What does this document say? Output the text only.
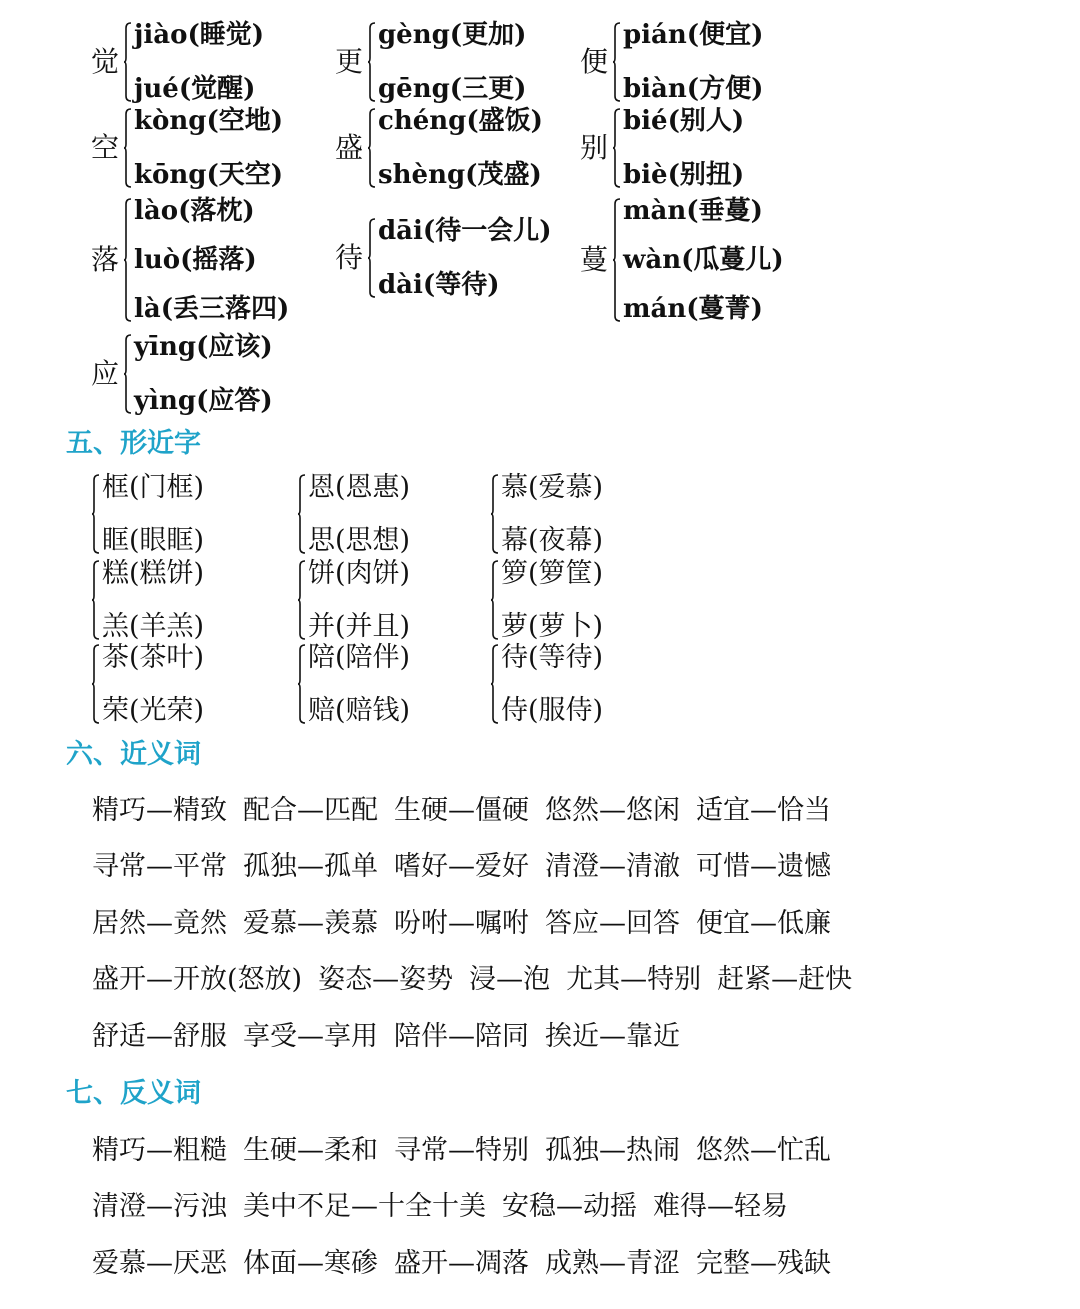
觉
jiào(睡觉)
jué(觉醒)
更
gèng(更加)
gēng(三更)
便
pián(便宜)
biàn(方便)
空
kòng(空地)
kōng(天空)
盛
chéng(盛饭)
shèng(茂盛)
别
bié(别人)
biè(别扭)
落
lào(落枕)
luò(摇落)
là(丢三落四)
待
dāi(待一会儿)
dài(等待)
蔓
màn(垂蔓)
wàn(瓜蔓儿)
mán(蔓菁)
应
yīng(应该)
yìng(应答)
五、形近字
框(门框)
眶(眼眶)
恩(恩惠)
思(思想)
慕(爱慕)
幕(夜幕)
糕(糕饼)
羔(羊羔)
饼(肉饼)
并(并且)
箩(箩筐)
萝(萝卜)
茶(茶叶)
荣(光荣)
陪(陪伴)
赔(赔钱)
待(等待)
侍(服侍)
六、近义词
精巧—精致 配合—匹配 生硬—僵硬 悠然—悠闲 适宜—恰当
寻常—平常 孤独—孤单 嗜好—爱好 清澄—清澈 可惜—遗憾
居然—竟然 爱慕—羡慕 吩咐—嘱咐 答应—回答 便宜—低廉
盛开—开放(怒放) 姿态—姿势 浸—泡 尤其—特别 赶紧—赶快
舒适—舒服 享受—享用 陪伴—陪同 挨近—靠近
七、反义词
精巧—粗糙 生硬—柔和 寻常—特别 孤独—热闹 悠然—忙乱
清澄—污浊 美中不足—十全十美 安稳—动摇 难得—轻易
爱慕—厌恶 体面—寒碜 盛开—凋落 成熟—青涩 完整—残缺
